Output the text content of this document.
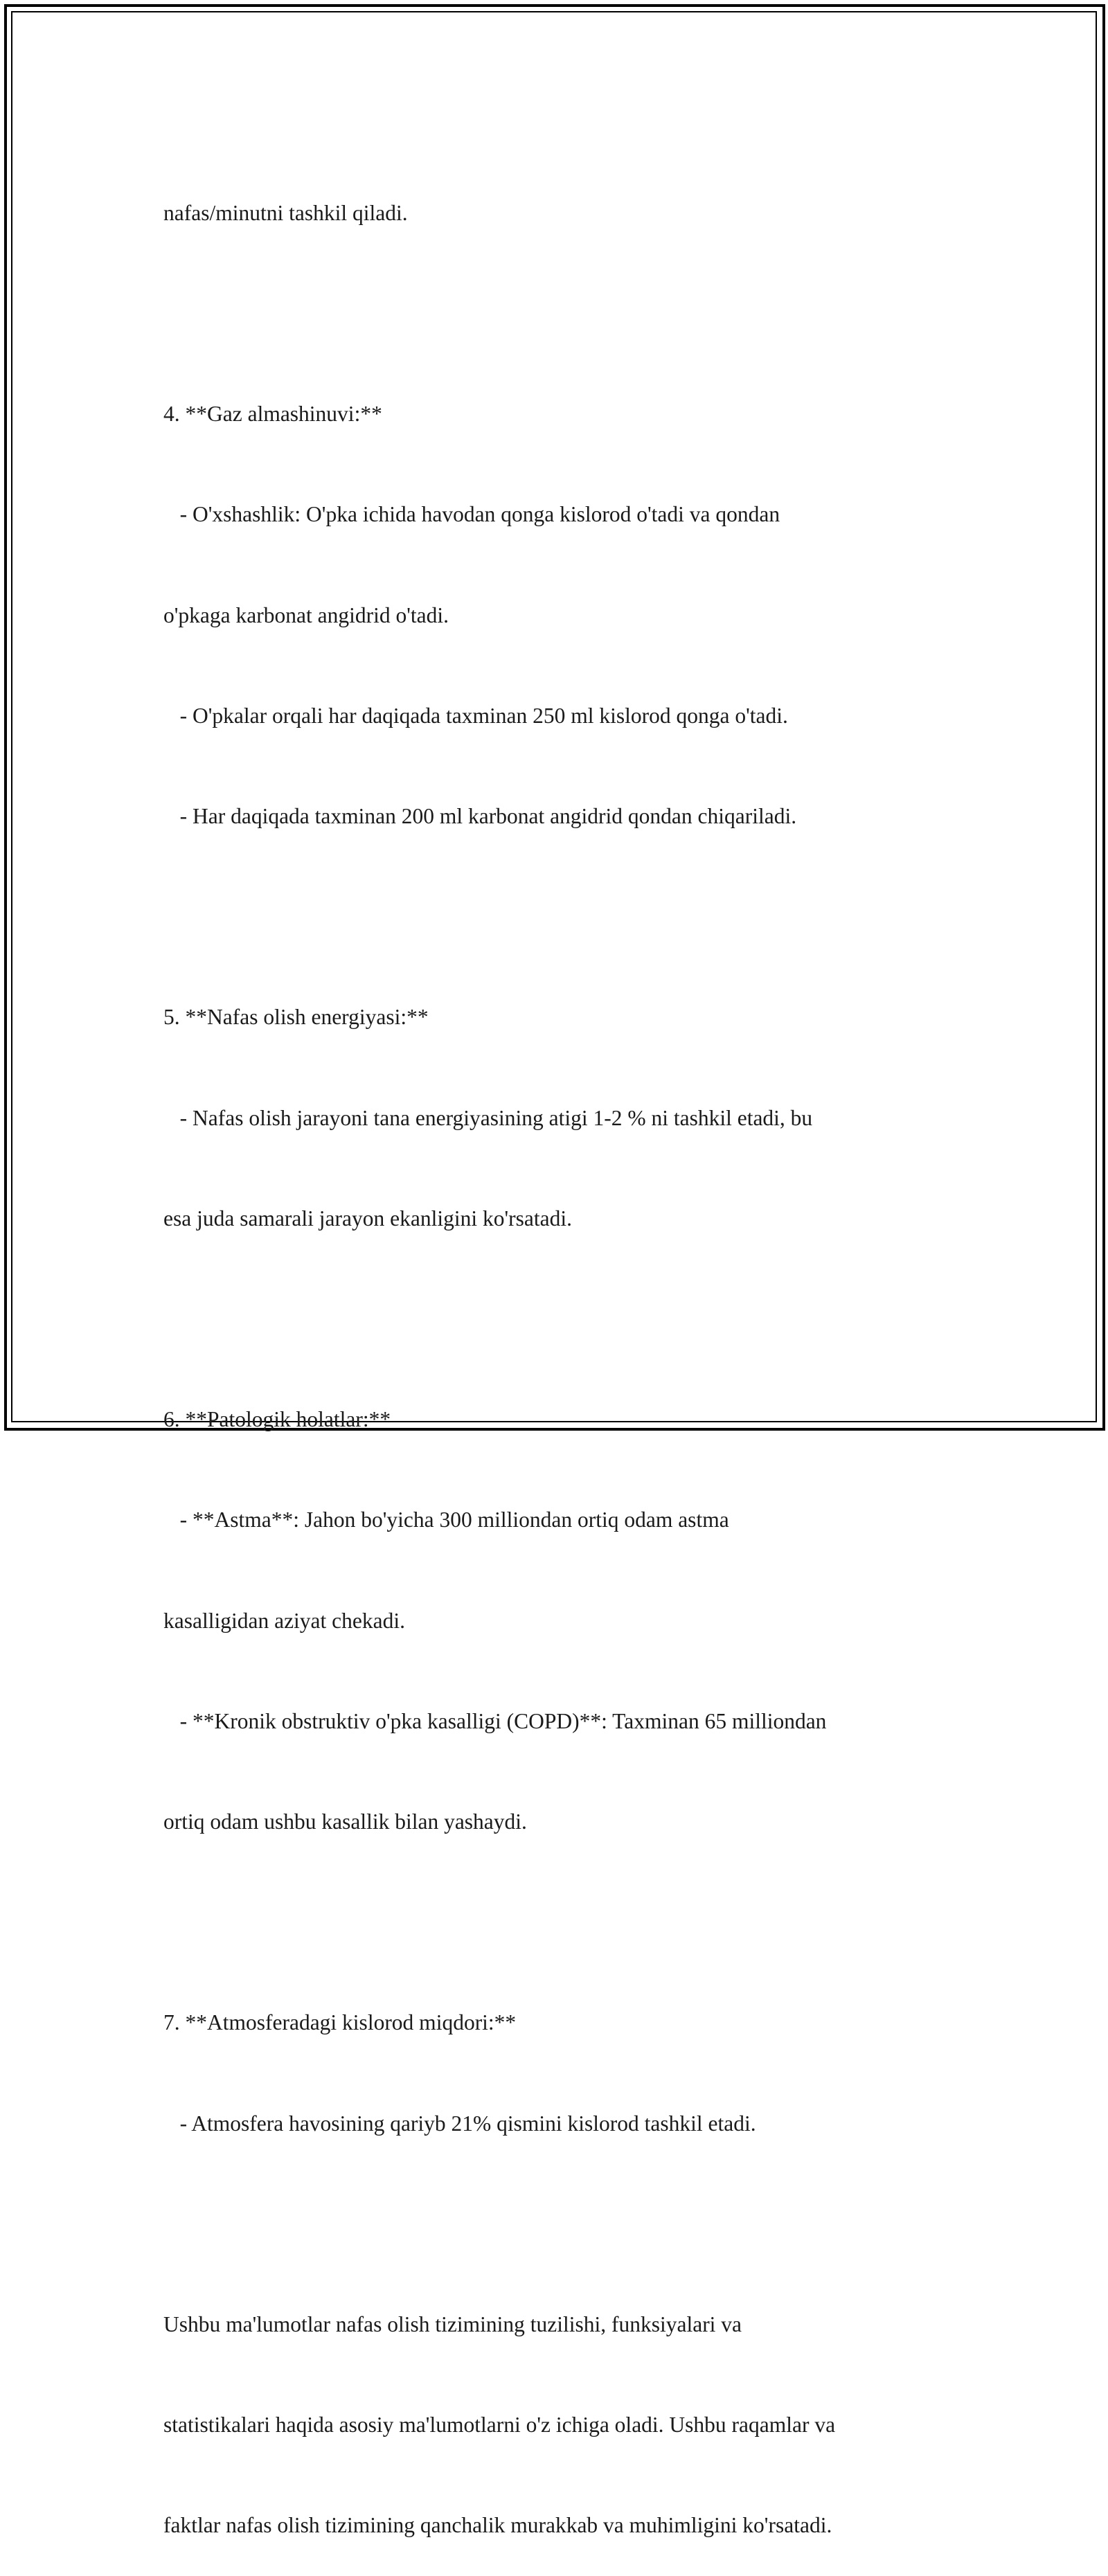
nafas/minutni tashkil qiladi.

4. **Gaz almashinuvi:**

- O'xshashlik: O'pka ichida havodan qonga kislorod o'tadi va qondan

o'pkaga karbonat angidrid o'tadi.

- O'pkalar orqali har daqiqada taxminan 250 ml kislorod qonga o'tadi.

- Har daqiqada taxminan 200 ml karbonat angidrid qondan chiqariladi.

5. **Nafas olish energiyasi:**

- Nafas olish jarayoni tana energiyasining atigi 1-2 % ni tashkil etadi, bu

esa juda samarali jarayon ekanligini ko'rsatadi.

6. **Patologik holatlar:**

- **Astma**: Jahon bo'yicha 300 milliondan ortiq odam astma

kasalligidan aziyat chekadi.

- **Kronik obstruktiv o'pka kasalligi (COPD)**: Taxminan 65 milliondan

ortiq odam ushbu kasallik bilan yashaydi.

7. **Atmosferadagi kislorod miqdori:**

- Atmosfera havosining qariyb 21% qismini kislorod tashkil etadi.

Ushbu ma'lumotlar nafas olish tizimining tuzilishi, funksiyalari va

statistikalari haqida asosiy ma'lumotlarni o'z ichiga oladi. Ushbu raqamlar va

faktlar nafas olish tizimining qanchalik murakkab va muhimligini ko'rsatadi.
